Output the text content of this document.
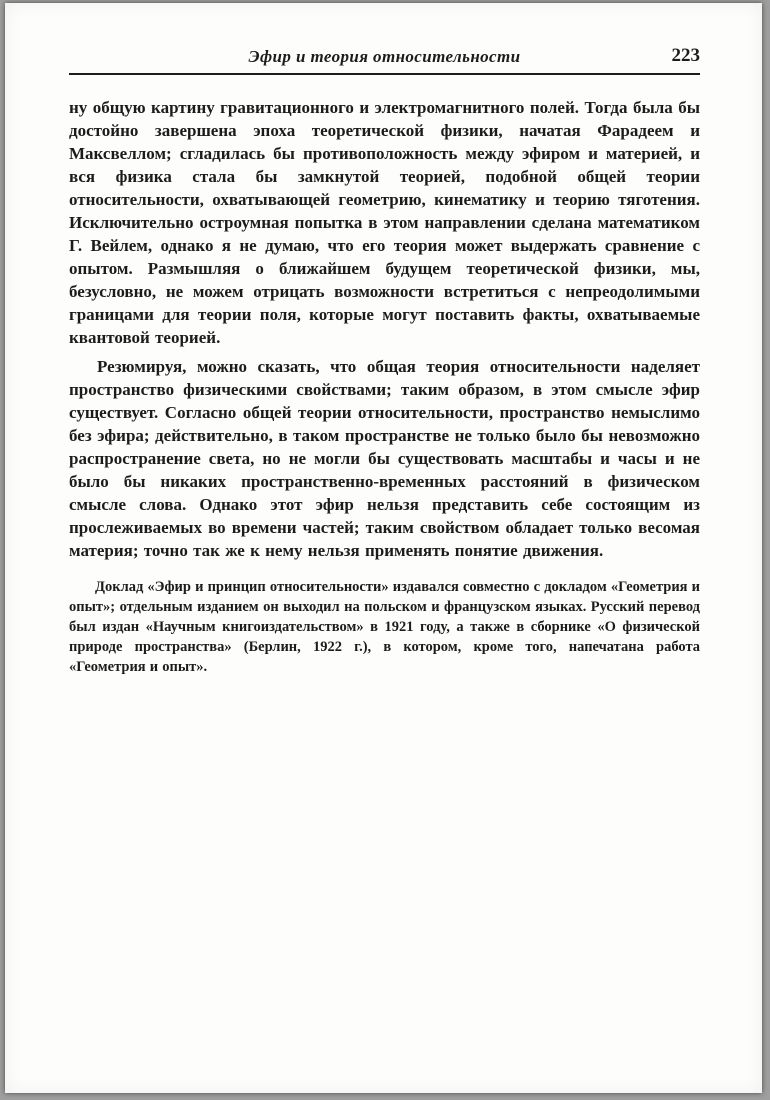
Эфир и теория относительности	223

ну общую картину гравитационного и электромагнитного полей. Тогда была бы достойно завершена эпоха теоретической физики, начатая Фарадеем и Максвеллом; сгладилась бы противоположность между эфиром и материей, и вся физика стала бы замкнутой теорией, подобной общей теории относительности, охватывающей геометрию, кинематику и теорию тяготения. Исключительно остроумная попытка в этом направлении сделана математиком Г. Вейлем, однако я не думаю, что его теория может выдержать сравнение с опытом. Размышляя о ближайшем будущем теоретической физики, мы, безусловно, не можем отрицать возможности встретиться с непреодолимыми границами для теории поля, которые могут поставить факты, охватываемые квантовой теорией.

Резюмируя, можно сказать, что общая теория относительности наделяет пространство физическими свойствами; таким образом, в этом смысле эфир существует. Согласно общей теории относительности, пространство немыслимо без эфира; действительно, в таком пространстве не только было бы невозможно распространение света, но не могли бы существовать масштабы и часы и не было бы никаких пространственно-временных расстояний в физическом смысле слова. Однако этот эфир нельзя представить себе состоящим из прослеживаемых во времени частей; таким свойством обладает только весомая материя; точно так же к нему нельзя применять понятие движения.

Доклад «Эфир и принцип относительности» издавался совместно с докладом «Геометрия и опыт»; отдельным изданием он выходил на польском и французском языках. Русский перевод был издан «Научным книгоиздательством» в 1921 году, а также в сборнике «О физической природе пространства» (Берлин, 1922 г.), в котором, кроме того, напечатана работа «Геометрия и опыт».
